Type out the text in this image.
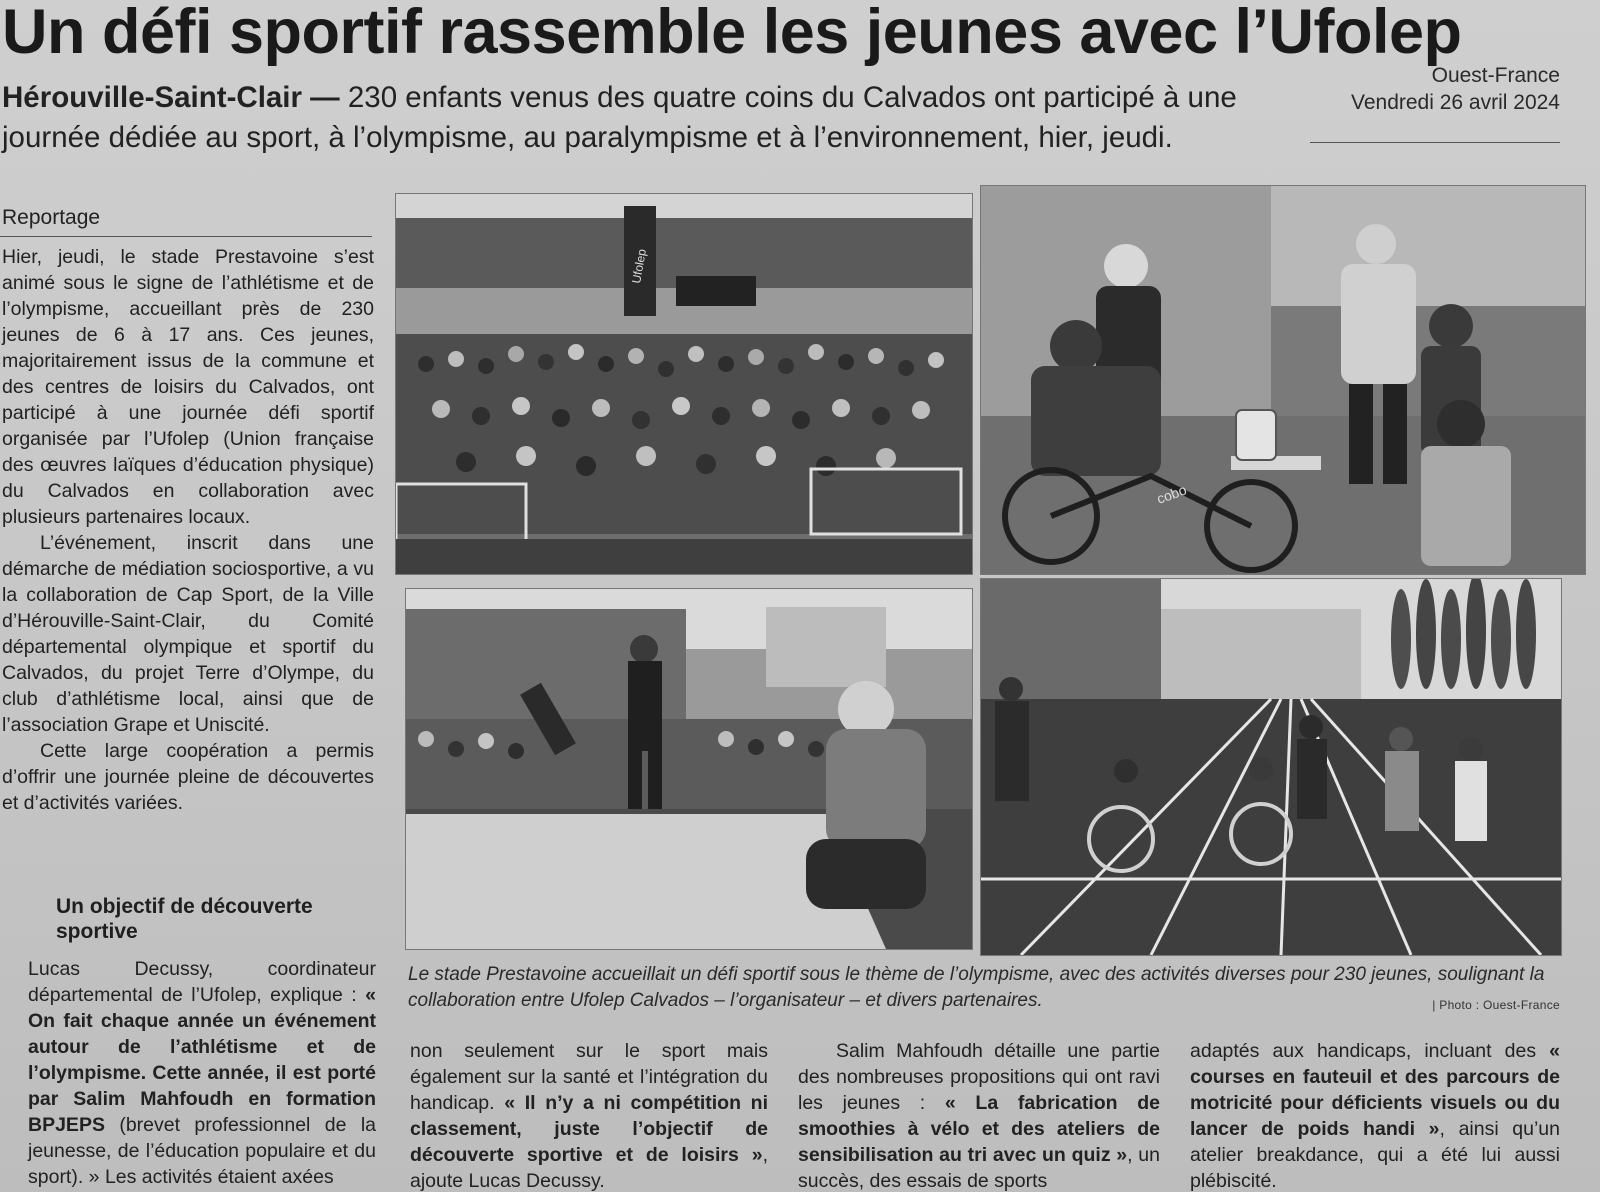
Un défi sportif rassemble les jeunes avec l’Ufolep

Hérouville-Saint-Clair — 230 enfants venus des quatre coins du Calvados ont participé à une journée dédiée au sport, à l’olympisme, au paralympisme et à l’environnement, hier, jeudi.

Ouest-France
Vendredi 26 avril 2024
Reportage

Hier, jeudi, le stade Prestavoine s’est animé sous le signe de l’athlétisme et de l’olympisme, accueillant près de 230 jeunes de 6 à 17 ans. Ces jeunes, majoritairement issus de la commune et des centres de loisirs du Calvados, ont participé à une journée défi sportif organisée par l’Ufolep (Union française des œuvres laïques d’éducation physique) du Calvados en collaboration avec plusieurs partenaires locaux.

L’événement, inscrit dans une démarche de médiation sociosportive, a vu la collaboration de Cap Sport, de la Ville d’Hérouville-Saint-Clair, du Comité départemental olympique et sportif du Calvados, du projet Terre d’Olympe, du club d’athlétisme local, ainsi que de l’association Grape et Uniscité.

Cette large coopération a permis d’offrir une journée pleine de découvertes et d’activités variées.

Un objectif de découverte sportive

Lucas Decussy, coordinateur départemental de l’Ufolep, explique : « On fait chaque année un événement autour de l’athlétisme et de l’olympisme. Cette année, il est porté par Salim Mahfoudh en formation BPJEPS (brevet professionnel de la jeunesse, de l’éducation populaire et du sport). » Les activités étaient axées

non seulement sur le sport mais également sur la santé et l’intégration du handicap. « Il n’y a ni compétition ni classement, juste l’objectif de découverte sportive et de loisirs », ajoute Lucas Decussy.

Salim Mahfoudh détaille une partie des nombreuses propositions qui ont ravi les jeunes : « La fabrication de smoothies à vélo et des ateliers de sensibilisation au tri avec un quiz », un succès, des essais de sports

adaptés aux handicaps, incluant des « courses en fauteuil et des parcours de motricité pour déficients visuels ou du lancer de poids handi », ainsi qu’un atelier breakdance, qui a été lui aussi plébiscité.

Ufolep
cobo
Le stade Prestavoine accueillait un défi sportif sous le thème de l’olympisme, avec des activités diverses pour 230 jeunes, soulignant la collaboration entre Ufolep Calvados – l’organisateur – et divers partenaires.	| Photo : Ouest-France
